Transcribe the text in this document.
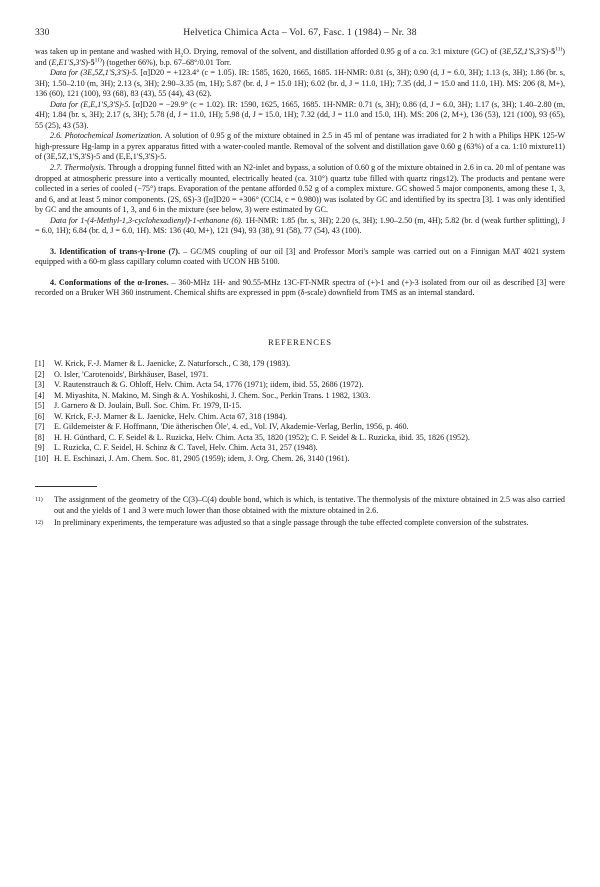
330	Helvetica Chimica Acta – Vol. 67, Fasc. 1 (1984) – Nr. 38

was taken up in pentane and washed with $H_2O$. Drying, removal of the solvent, and distillation afforded 0.95 g of a ca. 3:1 mixture (GC) of (3E,5Z,1'S,3'S)-5$^{11)}$) and (E,E1'S,3'S)-5$^{11)}$) (together 66%), b.p. 67–68°/0.01 Torr.

Data for (3E,5Z,1'S,3'S)-5. [α]D20 = +123.4° (c = 1.05). IR: 1585, 1620, 1665, 1685. 1H-NMR: 0.81 (s, 3H); 0.90 (d, J = 6.0, 3H); 1.13 (s, 3H); 1.86 (br. s, 3H); 1.50–2.10 (m, 3H); 2.13 (s, 3H); 2.90–3.35 (m, 1H); 5.87 (br. d, J = 15.0 1H); 6.02 (br. d, J = 11.0, 1H); 7.35 (dd, J = 15.0 and 11.0, 1H). MS: 206 (8, M+), 136 (60), 121 (100), 93 (68), 83 (43), 55 (44), 43 (62).

Data for (E,E,1'S,3'S)-5. [α]D20 = −29.9° (c = 1.02). IR: 1590, 1625, 1665, 1685. 1H-NMR: 0.71 (s, 3H); 0.86 (d, J = 6.0, 3H); 1.17 (s, 3H); 1.40–2.80 (m, 4H); 1.84 (br. s, 3H); 2.17 (s, 3H); 5.78 (d, J = 11.0, 1H); 5.98 (d, J = 15.0, 1H); 7.32 (dd, J = 11.0 and 15.0, 1H). MS: 206 (2, M+), 136 (53), 121 (100), 93 (65), 55 (25), 43 (53).

2.6. Photochemical Isomerization. A solution of 0.95 g of the mixture obtained in 2.5 in 45 ml of pentane was irradiated for 2 h with a Philips HPK 125-W high-pressure Hg-lamp in a pyrex apparatus fitted with a water-cooled mantle. Removal of the solvent and distillation gave 0.60 g (63%) of a ca. 1:10 mixture11) of (3E,5Z,1'S,3'S)-5 and (E,E,1'S,3'S)-5.

2.7. Thermolysis. Through a dropping funnel fitted with an N2-inlet and bypass, a solution of 0.60 g of the mixture obtained in 2.6 in ca. 20 ml of pentane was dropped at atmospheric pressure into a vertically mounted, electrically heated (ca. 310°) quartz tube filled with quartz rings12). The products and pentane were collected in a series of cooled (−75°) traps. Evaporation of the pentane afforded 0.52 g of a complex mixture. GC showed 5 major components, among these 1, 3, and 6, and at least 5 minor components. (2S, 6S)-3 ([α]D20 = +306° (CCl4, c = 0.980)) was isolated by GC and identified by its spectra [3]. 1 was only identified by GC and the amounts of 1, 3, and 6 in the mixture (see below, 3) were estimated by GC.

Data for 1-(4-Methyl-1,3-cyclohexadienyl)-1-ethanone (6). 1H-NMR: 1.85 (br. s, 3H); 2.20 (s, 3H); 1.90–2.50 (m, 4H); 5.82 (br. d (weak further splitting), J = 6.0, 1H); 6.84 (br. d, J = 6.0, 1H). MS: 136 (40, M+), 121 (94), 93 (38), 91 (58), 77 (54), 43 (100).

3. Identification of trans-γ-Irone (7). – GC/MS coupling of our oil [3] and Professor Mori's sample was carried out on a Finnigan MAT 4021 system equipped with a 60-m glass capillary column coated with UCON HB 5100.

4. Conformations of the α-Irones. – 360-MHz 1H- and 90.55-MHz 13C-FT-NMR spectra of (+)-1 and (+)-3 isolated from our oil as described [3] were recorded on a Bruker WH 360 instrument. Chemical shifts are expressed in ppm (δ-scale) downfield from TMS as an internal standard.

REFERENCES
[1]	W. Krick, F.-J. Marner & L. Jaenicke, Z. Naturforsch., C 38, 179 (1983).
[2]	O. Isler, 'Carotenoids', Birkhäuser, Basel, 1971.
[3]	V. Rautenstrauch & G. Ohloff, Helv. Chim. Acta 54, 1776 (1971); iidem, ibid. 55, 2686 (1972).
[4]	M. Miyashita, N. Makino, M. Singh & A. Yoshikoshi, J. Chem. Soc., Perkin Trans. 1 1982, 1303.
[5]	J. Garnero & D. Joulain, Bull. Soc. Chim. Fr. 1979, II-15.
[6]	W. Krick, F.-J. Marner & L. Jaenicke, Helv. Chim. Acta 67, 318 (1984).
[7]	E. Gildemeister & F. Hoffmann, 'Die ätherischen Öle', 4. ed., Vol. IV, Akademie-Verlag, Berlin, 1956, p. 460.
[8]	H. H. Günthard, C. F. Seidel & L. Ruzicka, Helv. Chim. Acta 35, 1820 (1952); C. F. Seidel & L. Ruzicka, ibid. 35, 1826 (1952).
[9]	L. Ruzicka, C. F. Seidel, H. Schinz & C. Tavel, Helv. Chim. Acta 31, 257 (1948).
[10] H. E. Eschinazi, J. Am. Chem. Soc. 81, 2905 (1959); idem, J. Org. Chem. 26, 3140 (1961).
11)	The assignment of the geometry of the C(3)–C(4) double bond, which is which, is tentative. The thermolysis of the mixture obtained in 2.5 was also carried out and the yields of 1 and 3 were much lower than those obtained with the mixture obtained in 2.6.
12)	In preliminary experiments, the temperature was adjusted so that a single passage through the tube effected complete conversion of the substrates.
